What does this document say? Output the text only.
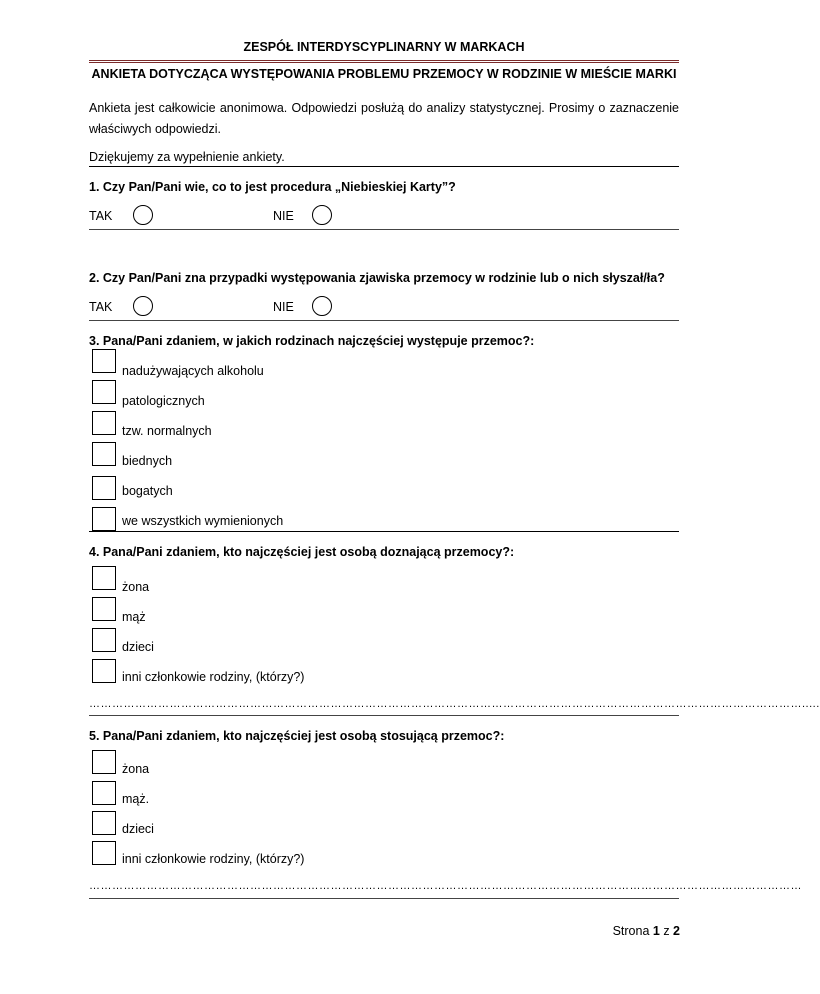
ZESPÓŁ INTERDYSCYPLINARNY W MARKACH
ANKIETA DOTYCZĄCA WYSTĘPOWANIA PROBLEMU PRZEMOCY W RODZINIE W MIEŚCIE MARKI
Ankieta jest całkowicie anonimowa. Odpowiedzi posłużą do analizy statystycznej. Prosimy o zaznaczenie właściwych odpowiedzi.
Dziękujemy za wypełnienie ankiety.
1. Czy Pan/Pani wie, co to jest procedura „Niebieskiej Karty”?
TAK	NIE
2. Czy Pan/Pani zna przypadki występowania zjawiska przemocy w rodzinie lub o nich słyszał/ła?
TAK	NIE
3. Pana/Pani zdaniem, w jakich rodzinach najczęściej występuje przemoc?:
nadużywających alkoholu
patologicznych
tzw. normalnych
biednych
bogatych
we wszystkich wymienionych
4. Pana/Pani zdaniem, kto najczęściej jest osobą doznającą przemocy?:
żona
mąż
dzieci
inni członkowie rodziny, (którzy?)
…………………………………………………………………………………………………………………………………………………………………….....
5. Pana/Pani zdaniem, kto najczęściej jest osobą stosującą przemoc?:
żona
mąż.
dzieci
inni członkowie rodziny, (którzy?)
……………………………………………………………………………………………………………………………………………………………………
Strona 1 z 2
